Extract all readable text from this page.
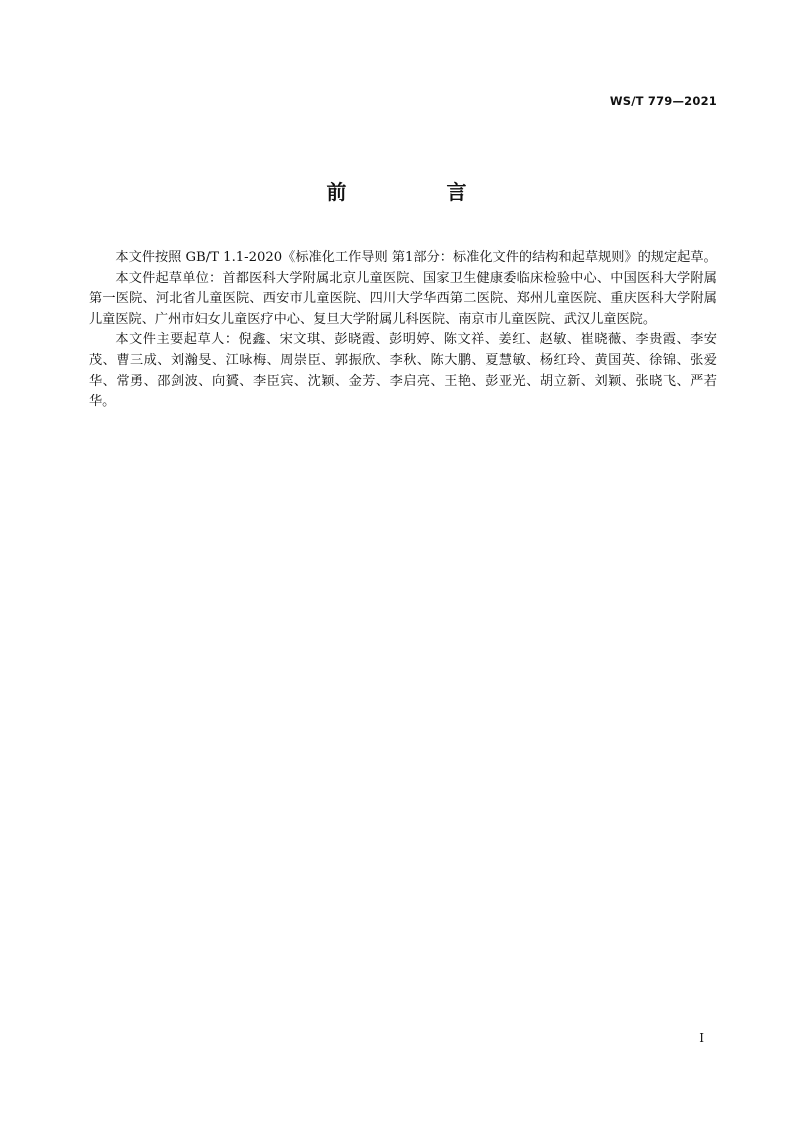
WS/T 779—2021
前　言

本文件按照 GB/T 1.1-2020《标准化工作导则 第1部分：标准化文件的结构和起草规则》的规定起草。

本文件起草单位：首都医科大学附属北京儿童医院、国家卫生健康委临床检验中心、中国医科大学附属第一医院、河北省儿童医院、西安市儿童医院、四川大学华西第二医院、郑州儿童医院、重庆医科大学附属儿童医院、广州市妇女儿童医疗中心、复旦大学附属儿科医院、南京市儿童医院、武汉儿童医院。

本文件主要起草人：倪鑫、宋文琪、彭晓霞、彭明婷、陈文祥、姜红、赵敏、崔晓薇、李贵霞、李安茂、曹三成、刘瀚旻、江咏梅、周崇臣、郭振欣、李秋、陈大鹏、夏慧敏、杨红玲、黄国英、徐锦、张爱华、常勇、邵剑波、向贇、李臣宾、沈颖、金芳、李启亮、王艳、彭亚光、胡立新、刘颖、张晓飞、严若华。

I
